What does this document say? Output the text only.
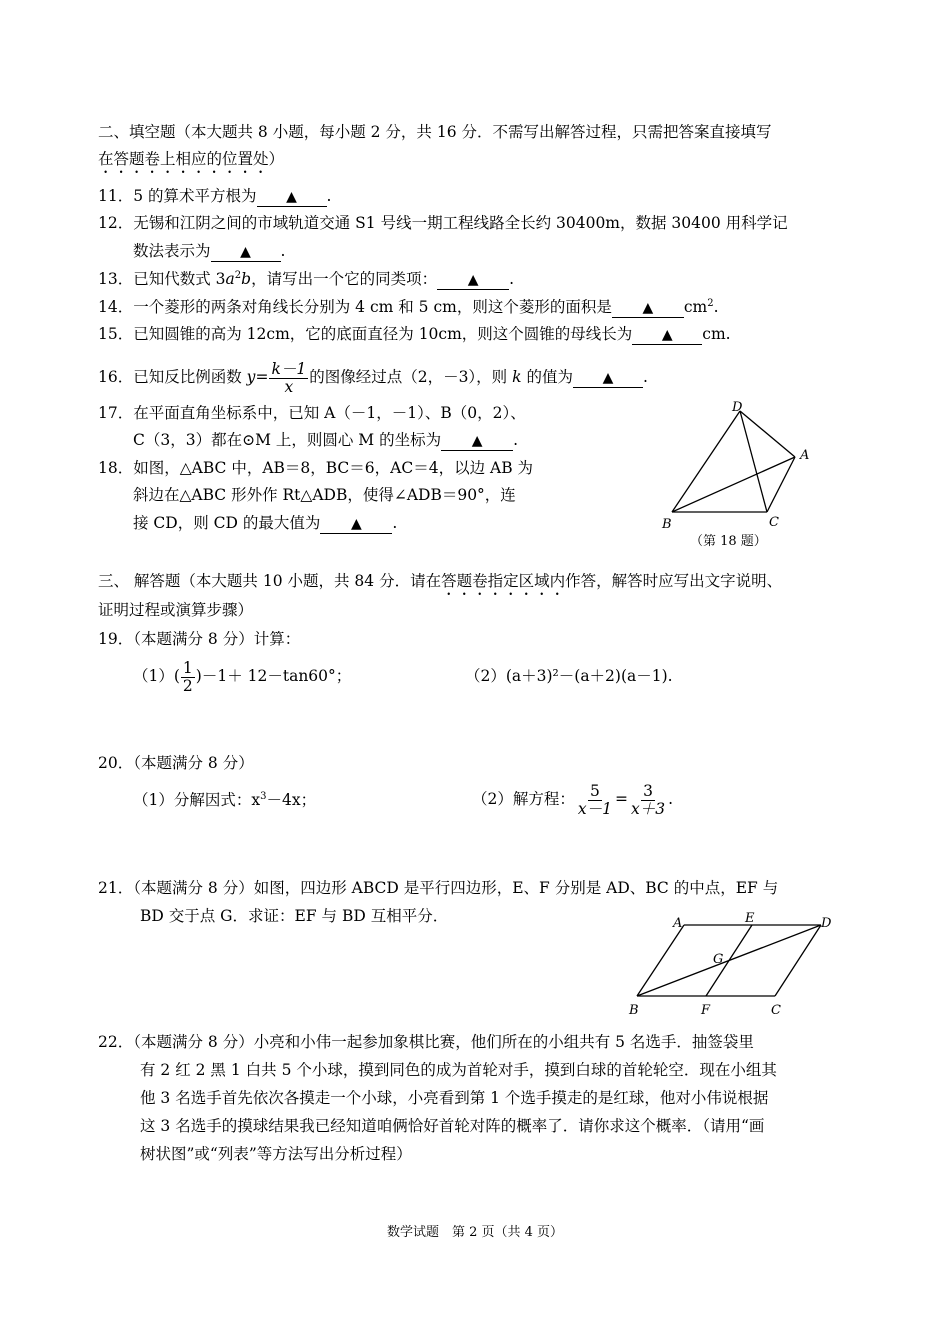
二、填空题（本大题共 8 小题，每小题 2 分，共 16 分．不需写出解答过程，只需把答案直接填写
在答题卷上相应的位置处）
11．5 的算术平方根为 ▲ .
12．无锡和江阴之间的市域轨道交通 S1 号线一期工程线路全长约 30400m，数据 30400 用科学记
数法表示为 ▲ .
13．已知代数式 $3a^2b$，请写出一个它的同类项： ▲ .
14．一个菱形的两条对角线长分别为 4 cm 和 5 cm，则这个菱形的面积是 ▲ $cm^2$.
15．已知圆锥的高为 12cm，它的底面直径为 10cm，则这个圆锥的母线长为 ▲ cm.
16．已知反比例函数 $y= \frac{k-1}{x}$ 的图像经过点（2，－3），则 k 的值为 ▲ .
17．在平面直角坐标系中，已知 A（－1，－1）、B（0，2）、
C（3，3）都在⊙M 上，则圆心 M 的坐标为 ▲ .
18．如图，△ABC 中，AB＝8，BC＝6，AC＝4，以边 AB 为
斜边在△ABC 形外作 Rt△ADB，使得∠ADB＝90°，连
接 CD，则 CD 的最大值为 ▲ .
D
A
B	C
（第 18 题）
三、 解答题（本大题共 10 小题，共 84 分．请在答题卷指定区域内作答，解答时应写出文字说明、
证明过程或演算步骤）
19．（本题满分 8 分）计算：
$(1)( \frac{1}{2} )-1+ 12-\tan 60^\circ$；	（2）(a＋3)²－(a＋2)(a－1).
20．（本题满分 8 分）
（1）分解因式：$x^3-4x$；	（2）解方程： $\frac{5}{x-1} = \frac{3}{x+3}$ .
21．（本题满分 8 分）如图，四边形 ABCD 是平行四边形，E、F 分别是 AD、BC 的中点，EF 与
BD 交于点 G．求证：EF 与 BD 互相平分．	A	E	D
G
B	F	C
22．（本题满分 8 分）小亮和小伟一起参加象棋比赛，他们所在的小组共有 5 名选手．抽签袋里
有 2 红 2 黑 1 白共 5 个小球，摸到同色的成为首轮对手，摸到白球的首轮轮空．现在小组其
他 3 名选手首先依次各摸走一个小球，小亮看到第 1 个选手摸走的是红球，他对小伟说根据
这 3 名选手的摸球结果我已经知道咱俩恰好首轮对阵的概率了．请你求这个概率．（请用“画
树状图”或“列表”等方法写出分析过程）
数学试题　第 2 页（共 4 页）
